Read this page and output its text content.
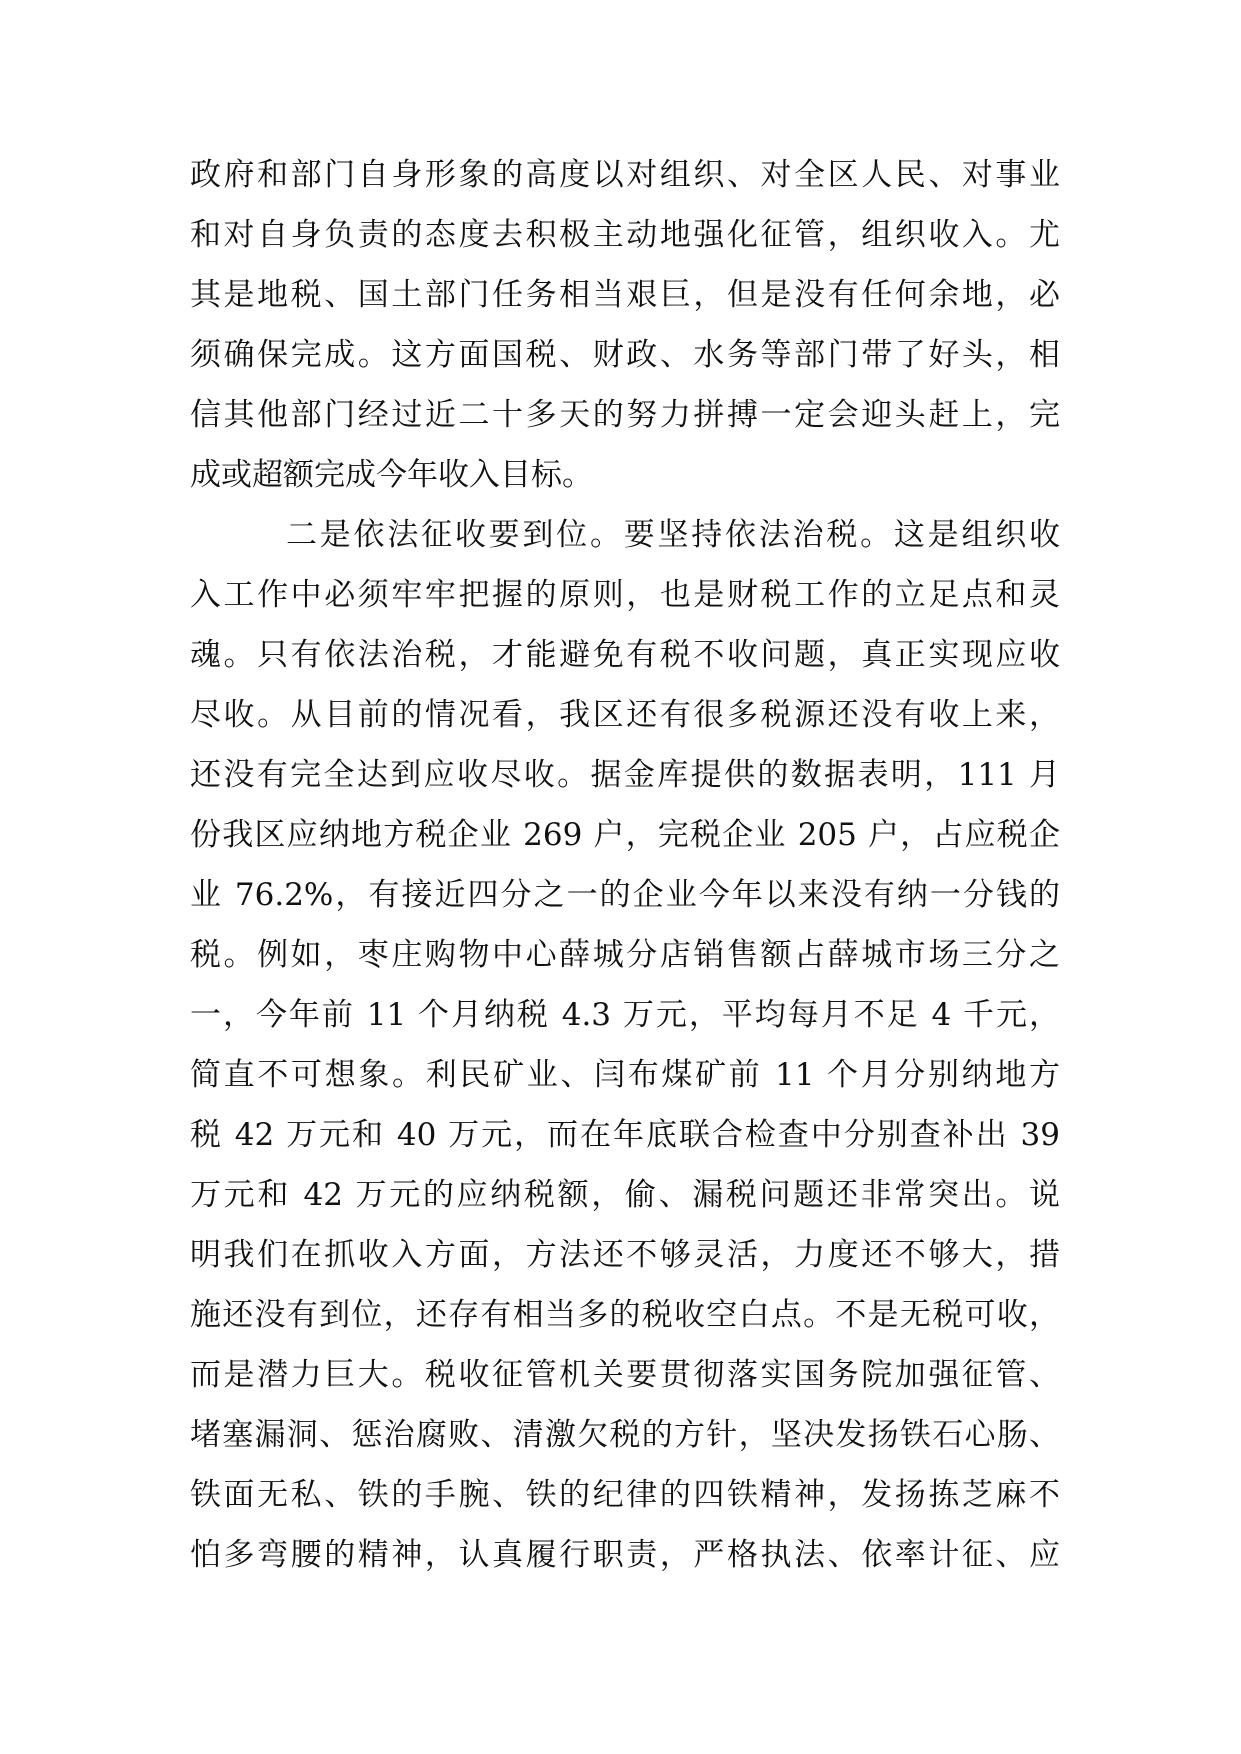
政府和部门自身形象的高度以对组织、对全区人民、对事业
和对自身负责的态度去积极主动地强化征管，组织收入。尤
其是地税、国土部门任务相当艰巨，但是没有任何余地，必
须确保完成。这方面国税、财政、水务等部门带了好头，相
信其他部门经过近二十多天的努力拼搏一定会迎头赶上，完
成或超额完成今年收入目标。
二是依法征收要到位。要坚持依法治税。这是组织收
入工作中必须牢牢把握的原则，也是财税工作的立足点和灵
魂。只有依法治税，才能避免有税不收问题，真正实现应收
尽收。从目前的情况看，我区还有很多税源还没有收上来，
还没有完全达到应收尽收。据金库提供的数据表明，111 月
份我区应纳地方税企业 269 户，完税企业 205 户，占应税企
业 76.2%，有接近四分之一的企业今年以来没有纳一分钱的
税。例如，枣庄购物中心薛城分店销售额占薛城市场三分之
一，今年前 11 个月纳税 4.3 万元，平均每月不足 4 千元，
简直不可想象。利民矿业、闫布煤矿前 11 个月分别纳地方
税 42 万元和 40 万元，而在年底联合检查中分别查补出 39
万元和 42 万元的应纳税额，偷、漏税问题还非常突出。说
明我们在抓收入方面，方法还不够灵活，力度还不够大，措
施还没有到位，还存有相当多的税收空白点。不是无税可收，
而是潜力巨大。税收征管机关要贯彻落实国务院加强征管、
堵塞漏洞、惩治腐败、清激欠税的方针，坚决发扬铁石心肠、
铁面无私、铁的手腕、铁的纪律的四铁精神，发扬拣芝麻不
怕多弯腰的精神，认真履行职责，严格执法、依率计征、应
